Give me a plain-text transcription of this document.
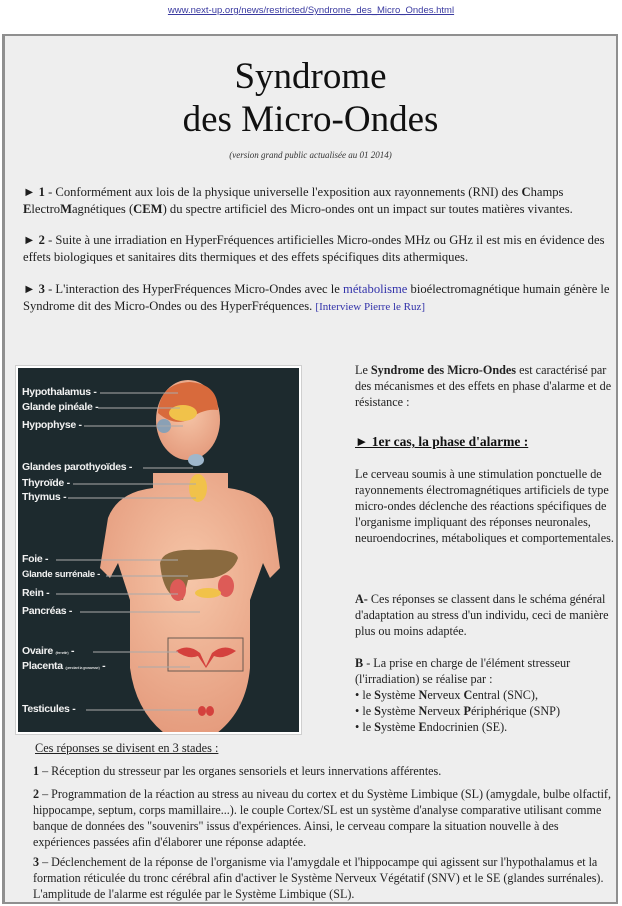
www.next-up.org/news/restricted/Syndrome_des_Micro_Ondes.html
Syndrome
des Micro-Ondes
(version grand public actualisée au 01 2014)
► 1 - Conformément aux lois de la physique universelle l'exposition aux rayonnements (RNI) des Champs ElectroMagnétiques (CEM) du spectre artificiel des Micro-ondes ont un impact sur toutes matières vivantes.
► 2 - Suite à une irradiation en HyperFréquences artificielles Micro-ondes MHz ou GHz il est mis en évidence des effets biologiques et sanitaires dits thermiques et des effets spécifiques dits athermiques.
► 3 - L'interaction des HyperFréquences Micro-Ondes avec le métabolisme bioélectromagnétique humain génère le Syndrome dit des Micro-Ondes ou des HyperFréquences. [Interview Pierre le Ruz]
Hypothalamus -
Glande pinéale -
Hypophyse -
Glandes parothyoïdes -
Thyroïde -
Thymus -
Foie -
Glande surrénale -
Rein -
Pancréas -
Ovaire (femelle) -
Placenta (pendant la grossesse) -
Testicules -
Le Syndrome des Micro-Ondes est caractérisé par des mécanismes et des effets en phase d'alarme et de résistance :
► 1er cas, la phase d'alarme :
Le cerveau soumis à une stimulation ponctuelle de rayonnements électromagnétiques artificiels de type micro-ondes déclenche des réactions spécifiques de l'organisme impliquant des réponses neuronales, neuroendocrines, métaboliques et comportementales.
A- Ces réponses se classent dans le schéma général d'adaptation au stress d'un individu, ceci de manière plus ou moins adaptée.
B - La prise en charge de l'élément stresseur (l'irradiation) se réalise par :
• le Système Nerveux Central (SNC),
• le Système Nerveux Périphérique (SNP)
• le Système Endocrinien (SE).
Ces réponses se divisent en 3 stades :
1 – Réception du stresseur par les organes sensoriels et leurs innervations afférentes.
2 – Programmation de la réaction au stress au niveau du cortex et du Système Limbique (SL) (amygdale, bulbe olfactif, hippocampe, septum, corps mamillaire...). le couple Cortex/SL est un système d'analyse comparative utilisant comme banque de données des "souvenirs" issus d'expériences. Ainsi, le cerveau compare la situation nouvelle à des expériences passées afin d'élaborer une réponse adaptée.
3 – Déclenchement de la réponse de l'organisme via l'amygdale et l'hippocampe qui agissent sur l'hypothalamus et la formation réticulée du tronc cérébral afin d'activer le Système Nerveux Végétatif (SNV) et le SE (glandes surrénales). L'amplitude de l'alarme est régulée par le Système Limbique (SL).
